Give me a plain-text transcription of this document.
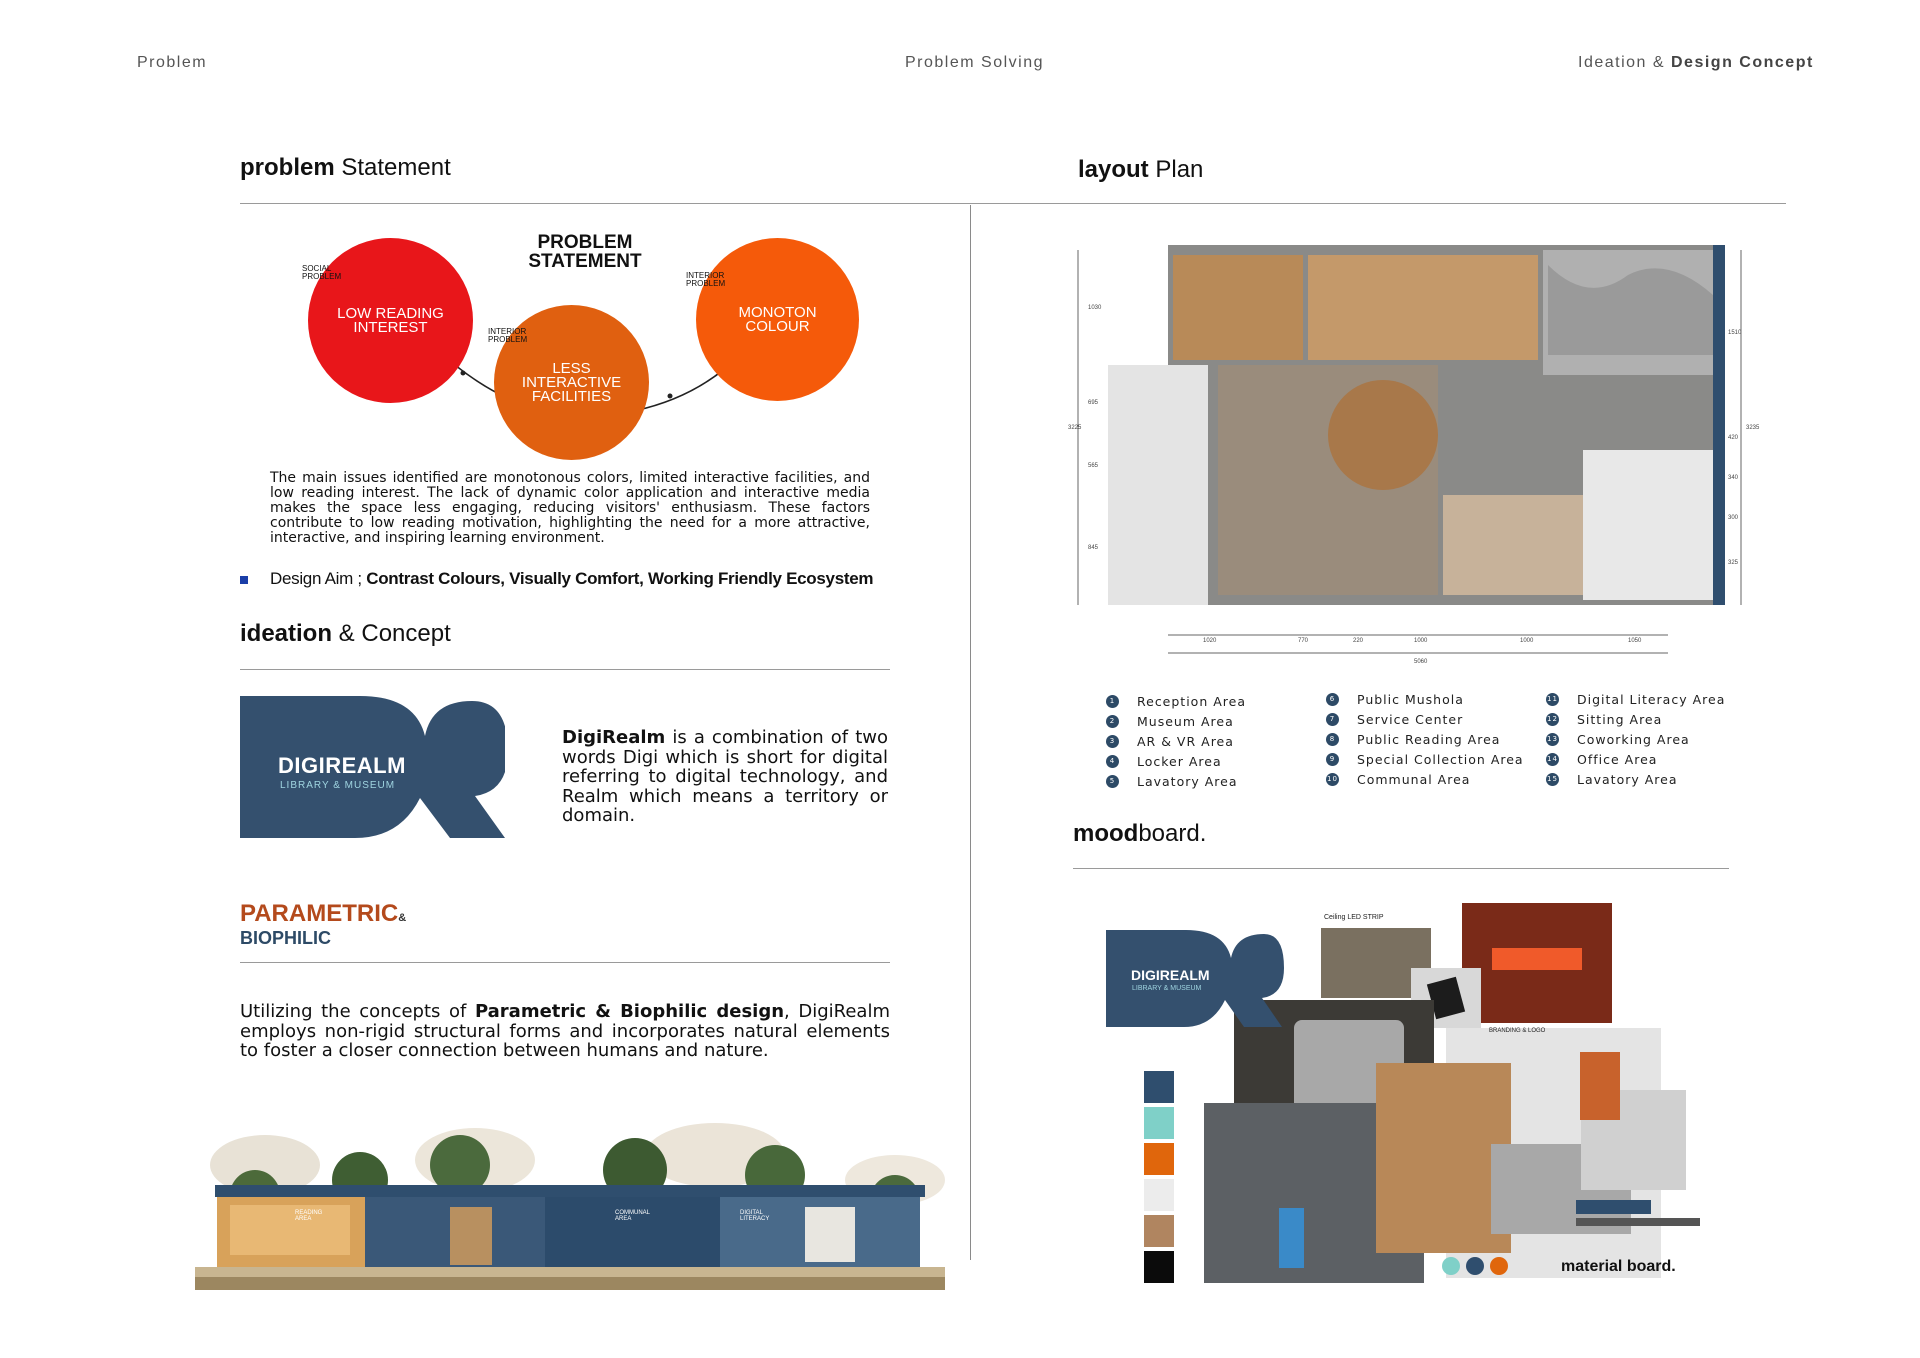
Problem	Problem Solving	Ideation & Design Concept
problem Statement
PROBLEM
STATEMENT
LOW READING INTEREST
SOCIAL
PROBLEM
LESS INTERACTIVE FACILITIES
INTERIOR
PROBLEM
MONOTON COLOUR
INTERIOR
PROBLEM
The main issues identified are monotonous colors, limited interactive facilities, and low reading interest. The lack of dynamic color application and interactive media makes the space less engaging, reducing visitors' enthusiasm. These factors contribute to low reading motivation, highlighting the need for a more attractive, interactive, and inspiring learning environment.
Design Aim ; Contrast Colours, Visually Comfort, Working Friendly Ecosystem
ideation & Concept
DIGIREALM
LIBRARY & MUSEUM
DigiRealm is a combination of two words Digi which is short for digital referring to digital technology, and Realm which means a territory or domain.
PARAMETRIC&
BIOPHILIC
Utilizing the concepts of Parametric & Biophilic design, DigiRealm employs non-rigid structural forms and incorporates natural elements to foster a closer connection between humans and nature.
READING AREA
COMMUNAL AREA
DIGITAL LITERACY
layout Plan
5060
1020	770	220	1000	1000	1050
3225	3235
1030
695
565
845
1510
420
340
300
325
1	Reception Area
2	Museum Area
3	AR & VR Area
4	Locker Area
5	Lavatory Area
6	Public Mushola
7	Service Center
8	Public Reading Area
9	Special Collection Area
10 Communal Area
11 Digital Literacy Area
12 Sitting Area
13 Coworking Area
14 Office Area
15 Lavatory Area
moodboard.
DIGIREALM
LIBRARY & MUSEUM
Ceiling LED STRIP
BRANDING & LOGO
material board.
